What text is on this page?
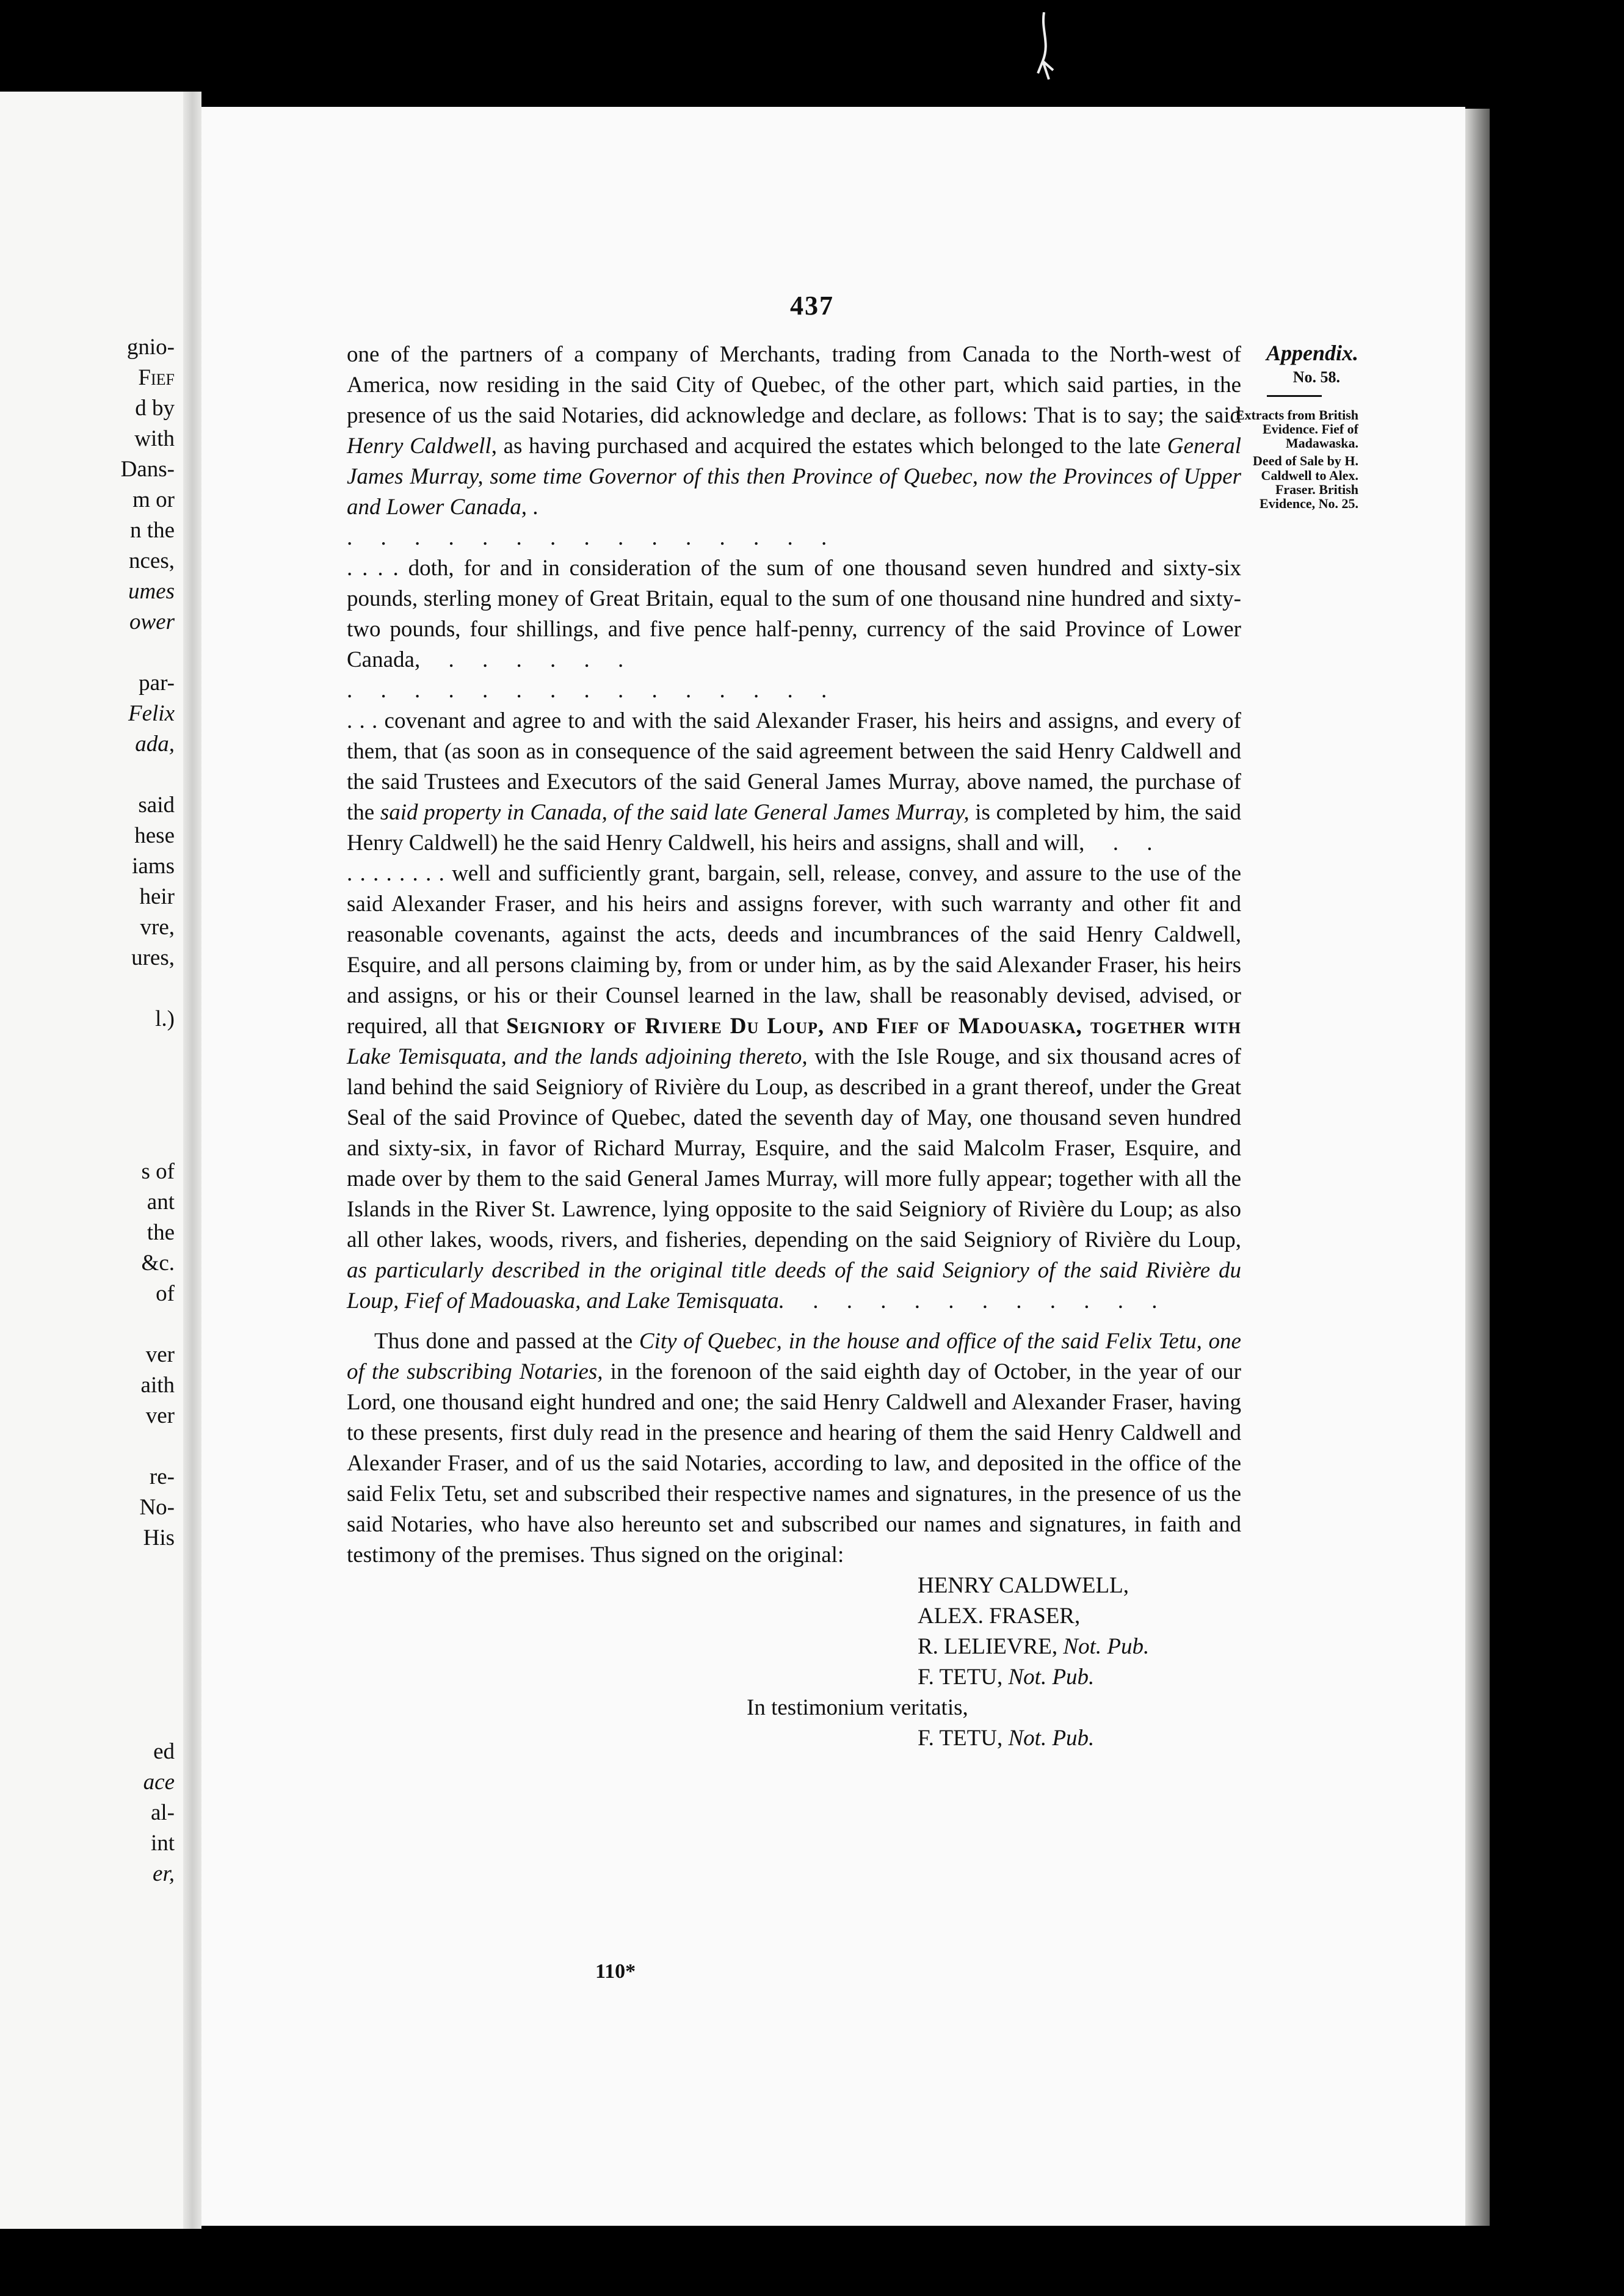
gnio-
Fief
d by
with
Dans-
m or
n the
nces,
umes
ower
par-
Felix
ada,
said
hese
iams
heir
vre,
ures,
l.)
s of
ant
the
&c.
of
ver
aith
ver
re-
No-
His
ed
ace
al-
int
er,
437

Appendix.

No. 58.

Extracts from British Evidence. Fief of Madawaska.

Deed of Sale by H. Caldwell to Alex. Fraser. British Evidence, No. 25.

one of the partners of a company of Merchants, trading from Canada to the North-west of America, now residing in the said City of Quebec, of the other part, which said parties, in the presence of us the said Notaries, did acknowledge and declare, as follows: That is to say; the said Henry Caldwell, as having purchased and acquired the estates which belonged to the late General James Murray, some time Governor of this then Province of Quebec, now the Provinces of Upper and Lower Canada, .

.     .     .     .     .     .     .     .     .     .     .     .     .     .     .

. . . . doth, for and in consideration of the sum of one thousand seven hundred and sixty-six pounds, sterling money of Great Britain, equal to the sum of one thousand nine hundred and sixty-two pounds, four shillings, and five pence half-penny, currency of the said Province of Lower Canada,     .     .     .     .     .     .

.     .     .     .     .     .     .     .     .     .     .     .     .     .     .

. . . covenant and agree to and with the said Alexander Fraser, his heirs and assigns, and every of them, that (as soon as in consequence of the said agreement between the said Henry Caldwell and the said Trustees and Executors of the said General James Murray, above named, the purchase of the said property in Canada, of the said late General James Murray, is completed by him, the said Henry Caldwell) he the said Henry Caldwell, his heirs and assigns, shall and will,     .     .

. . . . . . . . well and sufficiently grant, bargain, sell, release, convey, and assure to the use of the said Alexander Fraser, and his heirs and assigns forever, with such warranty and other fit and reasonable covenants, against the acts, deeds and incumbrances of the said Henry Caldwell, Esquire, and all persons claiming by, from or under him, as by the said Alexander Fraser, his heirs and assigns, or his or their Counsel learned in the law, shall be reasonably devised, advised, or required, all that Seigniory of Riviere Du Loup, and Fief of Madouaska, together with Lake Temisquata, and the lands adjoining thereto, with the Isle Rouge, and six thousand acres of land behind the said Seigniory of Rivière du Loup, as described in a grant thereof, under the Great Seal of the said Province of Quebec, dated the seventh day of May, one thousand seven hundred and sixty-six, in favor of Richard Murray, Esquire, and the said Malcolm Fraser, Esquire, and made over by them to the said General James Murray, will more fully appear; together with all the Islands in the River St. Lawrence, lying opposite to the said Seigniory of Rivière du Loup; as also all other lakes, woods, rivers, and fisheries, depending on the said Seigniory of Rivière du Loup, as particularly described in the original title deeds of the said Seigniory of the said Rivière du Loup, Fief of Madouaska, and Lake Temisquata.     .     .     .     .     .     .     .     .     .     .     .

Thus done and passed at the City of Quebec, in the house and office of the said Felix Tetu, one of the subscribing Notaries, in the forenoon of the said eighth day of October, in the year of our Lord, one thousand eight hundred and one; the said Henry Caldwell and Alexander Fraser, having to these presents, first duly read in the presence and hearing of them the said Henry Caldwell and Alexander Fraser, and of us the said Notaries, according to law, and deposited in the office of the said Felix Tetu, set and subscribed their respective names and signatures, in the presence of us the said Notaries, who have also hereunto set and subscribed our names and signatures, in faith and testimony of the premises. Thus signed on the original:

HENRY CALDWELL,
ALEX. FRASER,
R. LELIEVRE, Not. Pub.
F. TETU, Not. Pub.
In testimonium veritatis,
F. TETU, Not. Pub.
110*
